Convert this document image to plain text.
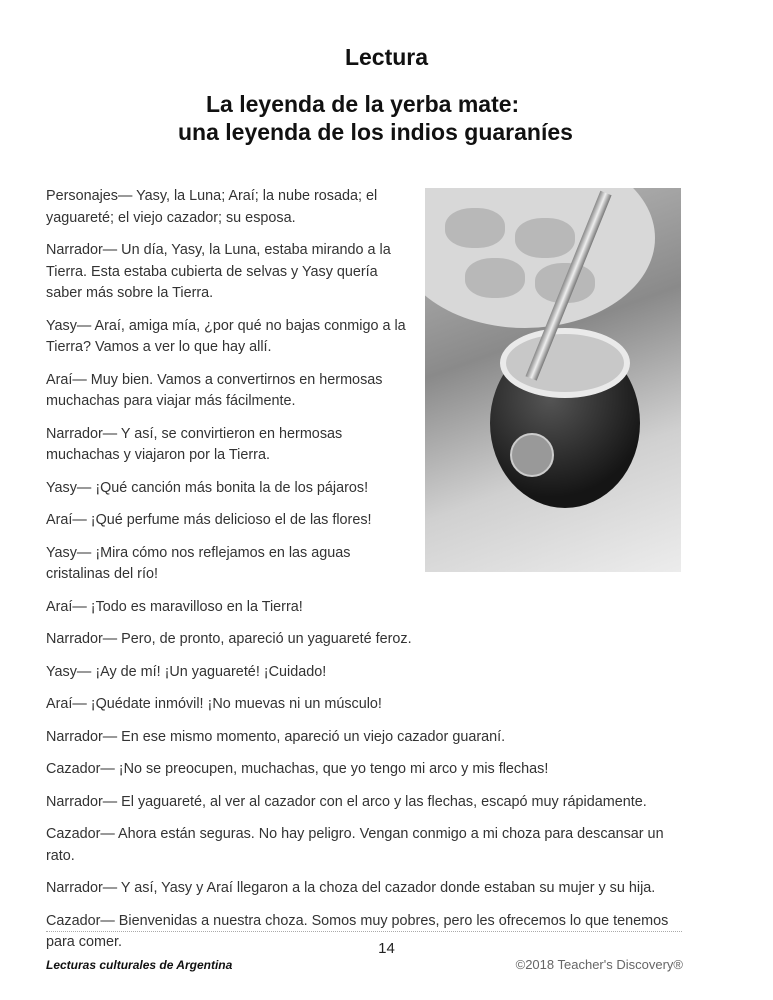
Lectura
La leyenda de la yerba mate:
una leyenda de los indios guaraníes

Personajes— Yasy, la Luna; Araí; la nube rosada; el yaguareté; el viejo cazador; su esposa.

Narrador— Un día, Yasy, la Luna, estaba mirando a la Tierra. Esta estaba cubierta de selvas y Yasy quería saber más sobre la Tierra.

Yasy— Araí, amiga mía, ¿por qué no bajas conmigo a la Tierra? Vamos a ver lo que hay allí.

Araí— Muy bien. Vamos a convertirnos en hermosas muchachas para viajar más fácilmente.

Narrador— Y así, se convirtieron en hermosas muchachas y viajaron por la Tierra.

Yasy— ¡Qué canción más bonita la de los pájaros!

Araí— ¡Qué perfume más delicioso el de las flores!

Yasy— ¡Mira cómo nos reflejamos en las aguas cristalinas del río!

Araí— ¡Todo es maravilloso en la Tierra!

Narrador— Pero, de pronto, apareció un yaguareté feroz.

Yasy— ¡Ay de mí! ¡Un yaguareté! ¡Cuidado!

Araí— ¡Quédate inmóvil! ¡No muevas ni un músculo!

Narrador— En ese mismo momento, apareció un viejo cazador guaraní.

Cazador— ¡No se preocupen, muchachas, que yo tengo mi arco y mis flechas!

Narrador— El yaguareté, al ver al cazador con el arco y las flechas, escapó muy rápidamente.

Cazador— Ahora están seguras. No hay peligro. Vengan conmigo a mi choza para descansar un rato.

Narrador— Y así, Yasy y Araí llegaron a la choza del cazador donde estaban su mujer y su hija.

Cazador— Bienvenidas a nuestra choza. Somos muy pobres, pero les ofrecemos lo que tenemos para comer.	14
Lecturas culturales de Argentina	©2018 Teacher's Discovery®
